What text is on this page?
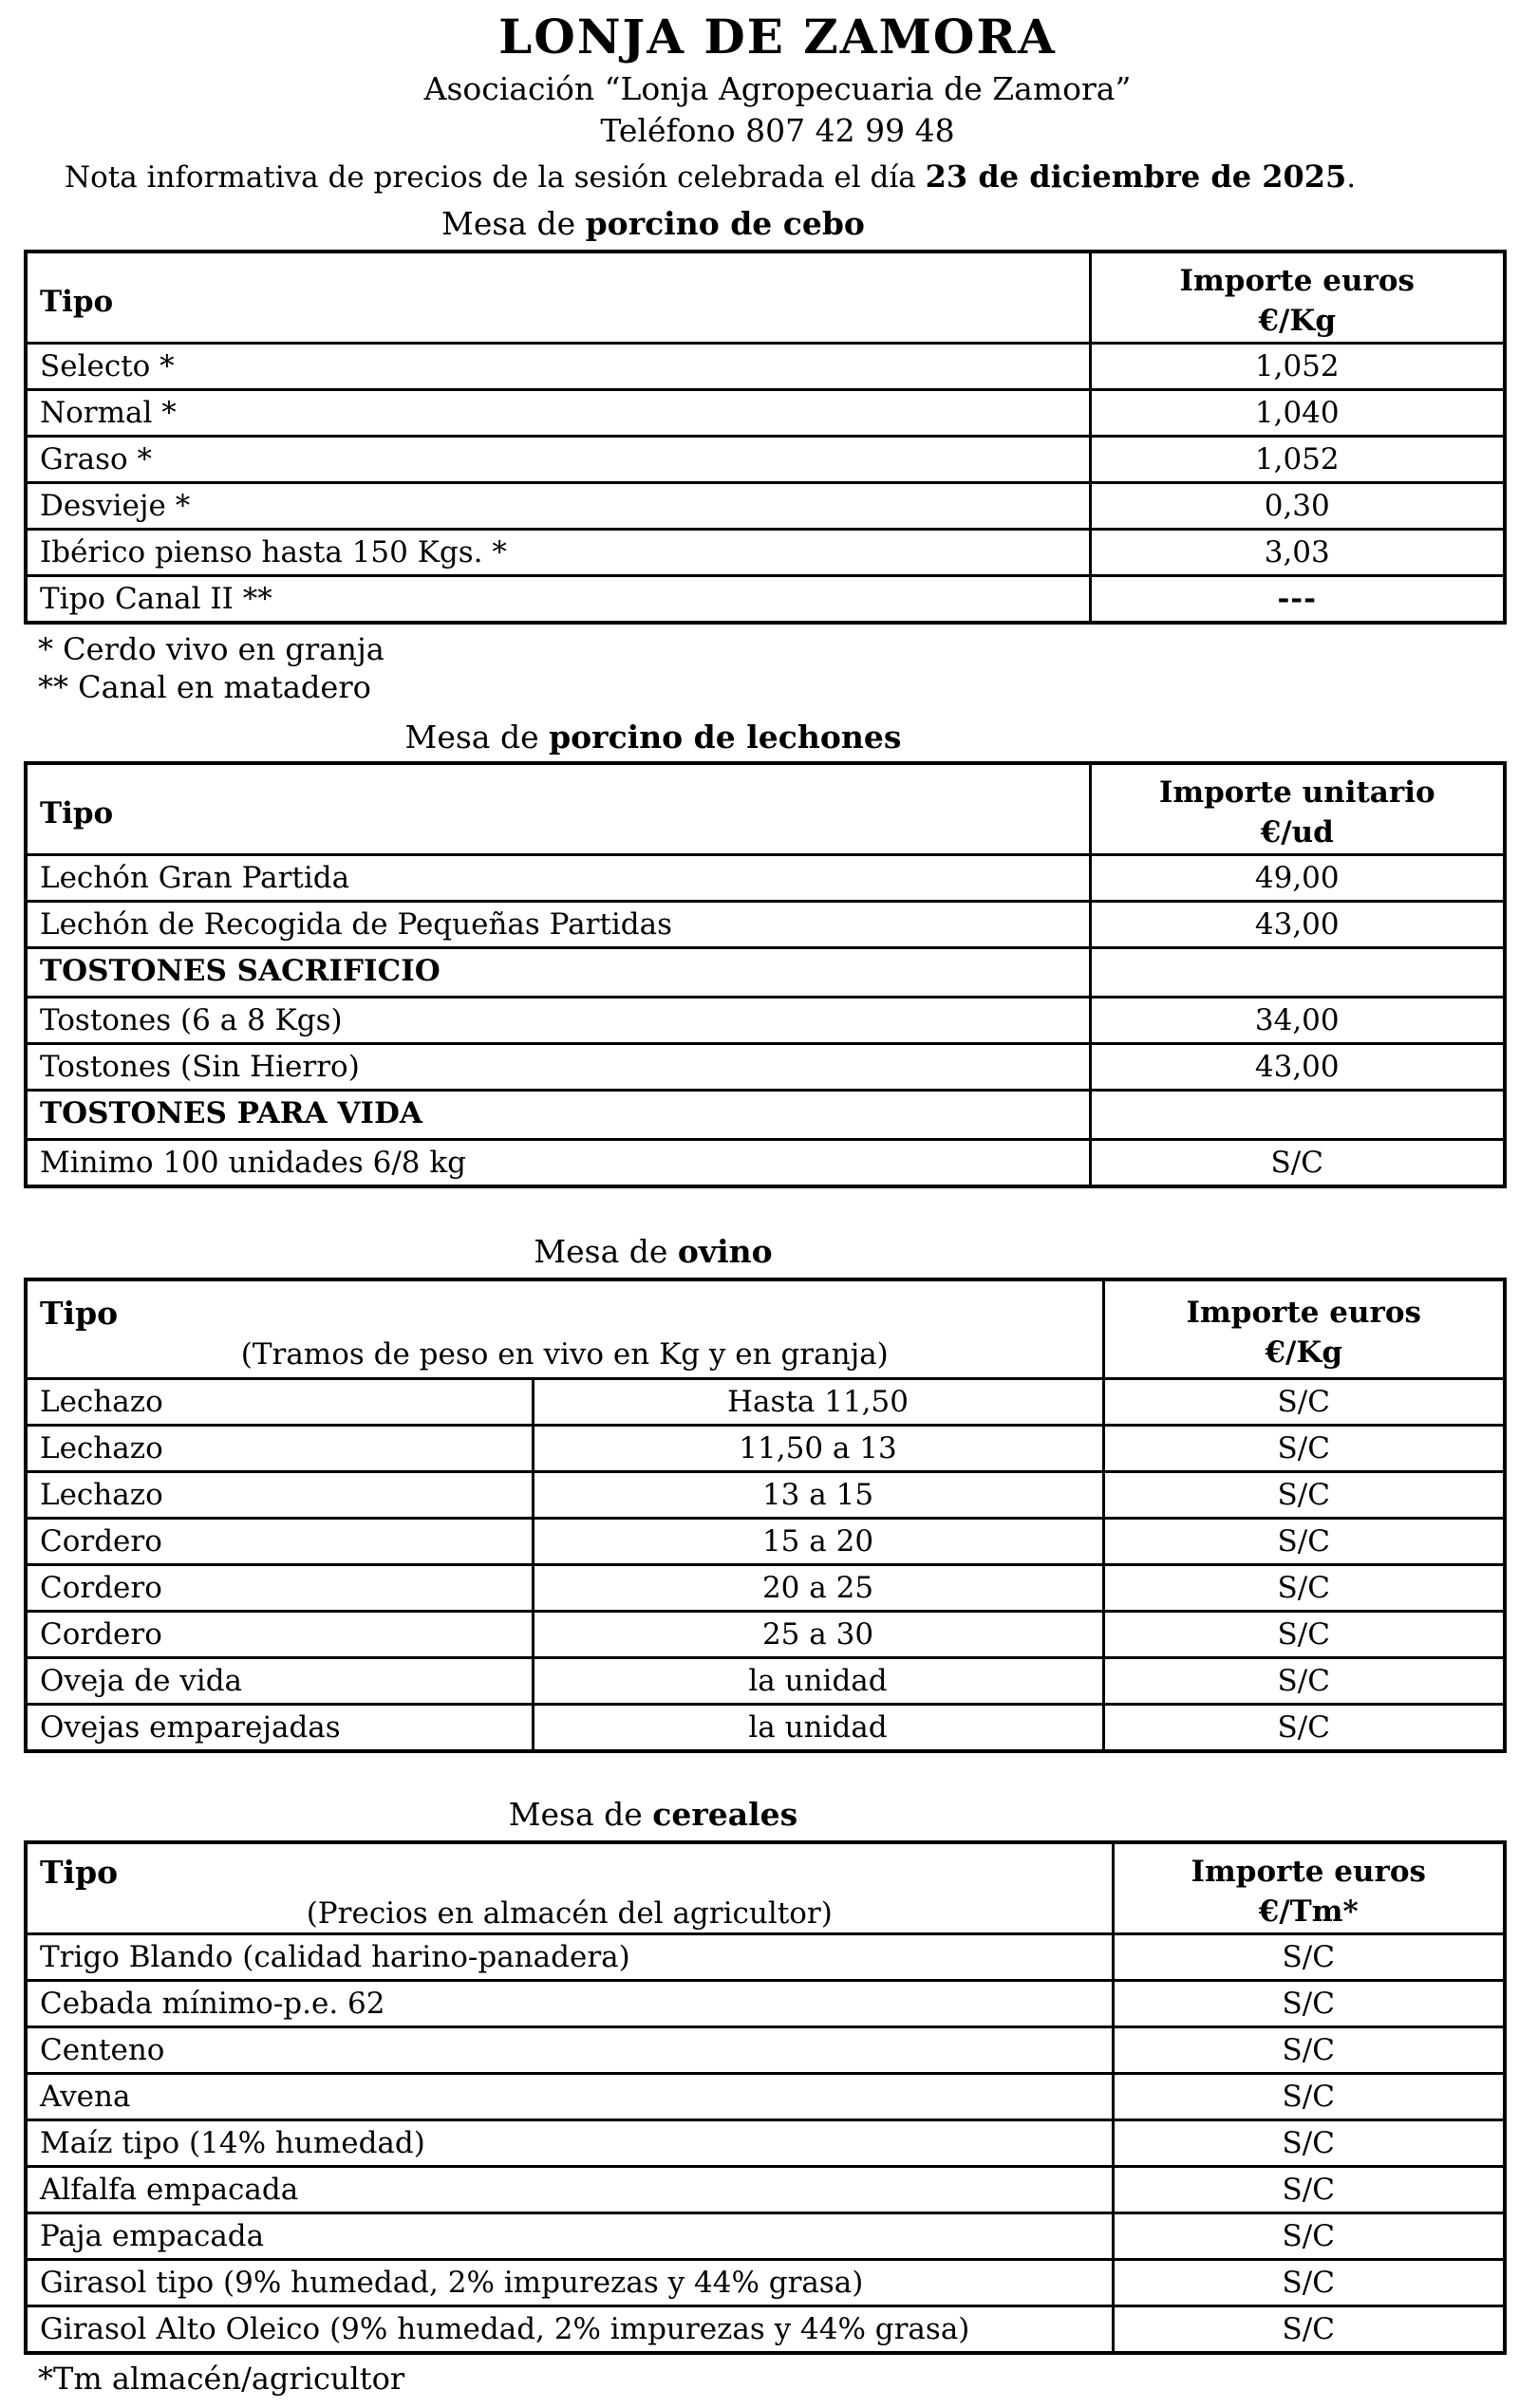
LONJA DE ZAMORA
Asociación “Lonja Agropecuaria de Zamora”
Teléfono 807 42 99 48
Nota informativa de precios de la sesión celebrada el día 23 de diciembre de 2025.
Mesa de porcino de cebo
Tipo	Importe euros
€/Kg

Selecto *	1,052
Normal *	1,040
Graso *	1,052
Desvieje *	0,30
Ibérico pienso hasta 150 Kgs. *	3,03
Tipo Canal II **	---
* Cerdo vivo en granja
** Canal en matadero
Mesa de porcino de lechones
Tipo	Importe unitario
€/ud

Lechón Gran Partida	49,00
Lechón de Recogida de Pequeñas Partidas	43,00
TOSTONES SACRIFICIO	
Tostones (6 a 8 Kgs)	34,00
Tostones (Sin Hierro)	43,00
TOSTONES PARA VIDA	
Minimo 100 unidades 6/8 kg	S/C
Mesa de ovino
Tipo
(Tramos de peso en vivo en Kg y en granja)

Importe euros
€/Kg

Lechazo	Hasta 11,50	S/C
Lechazo	11,50 a 13	S/C
Lechazo	13 a 15	S/C
Cordero	15 a 20	S/C
Cordero	20 a 25	S/C
Cordero	25 a 30	S/C
Oveja de vida	la unidad	S/C
Ovejas emparejadas	la unidad	S/C
Mesa de cereales
Tipo
(Precios en almacén del agricultor)

Importe euros
€/Tm*

Trigo Blando (calidad harino-panadera)	S/C
Cebada mínimo-p.e. 62	S/C
Centeno	S/C
Avena	S/C
Maíz tipo (14% humedad)	S/C
Alfalfa empacada	S/C
Paja empacada	S/C
Girasol tipo (9% humedad, 2% impurezas y 44% grasa)	S/C
Girasol Alto Oleico (9% humedad, 2% impurezas y 44% grasa)	S/C
*Tm almacén/agricultor
